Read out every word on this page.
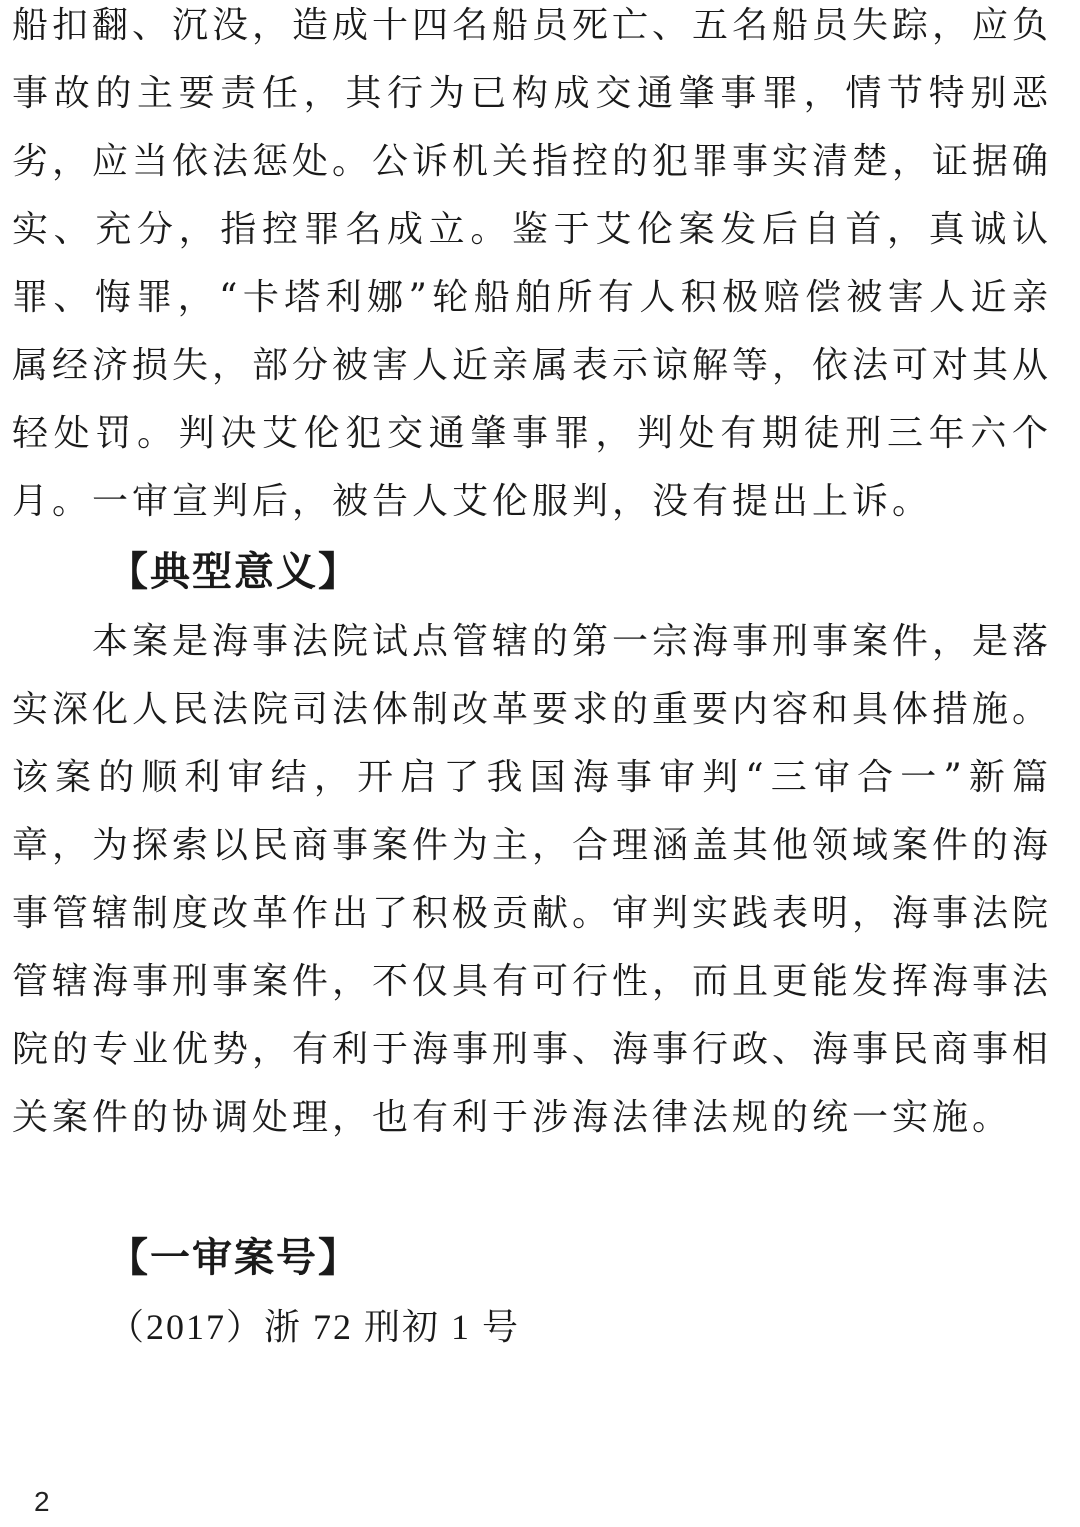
船扣翻、沉没，造成十四名船员死亡、五名船员失踪，应负事故的主要责任，其行为已构成交通肇事罪，情节特别恶劣，应当依法惩处。公诉机关指控的犯罪事实清楚，证据确实、充分，指控罪名成立。鉴于艾伦案发后自首，真诚认罪、悔罪，“卡塔利娜”轮船舶所有人积极赔偿被害人近亲属经济损失，部分被害人近亲属表示谅解等，依法可对其从轻处罚。判决艾伦犯交通肇事罪，判处有期徒刑三年六个月。一审宣判后，被告人艾伦服判，没有提出上诉。

【典型意义】

本案是海事法院试点管辖的第一宗海事刑事案件，是落实深化人民法院司法体制改革要求的重要内容和具体措施。该案的顺利审结，开启了我国海事审判“三审合一”新篇章，为探索以民商事案件为主，合理涵盖其他领域案件的海事管辖制度改革作出了积极贡献。审判实践表明，海事法院管辖海事刑事案件，不仅具有可行性，而且更能发挥海事法院的专业优势，有利于海事刑事、海事行政、海事民商事相关案件的协调处理，也有利于涉海法律法规的统一实施。

【一审案号】

（2017）浙 72 刑初 1 号

2
